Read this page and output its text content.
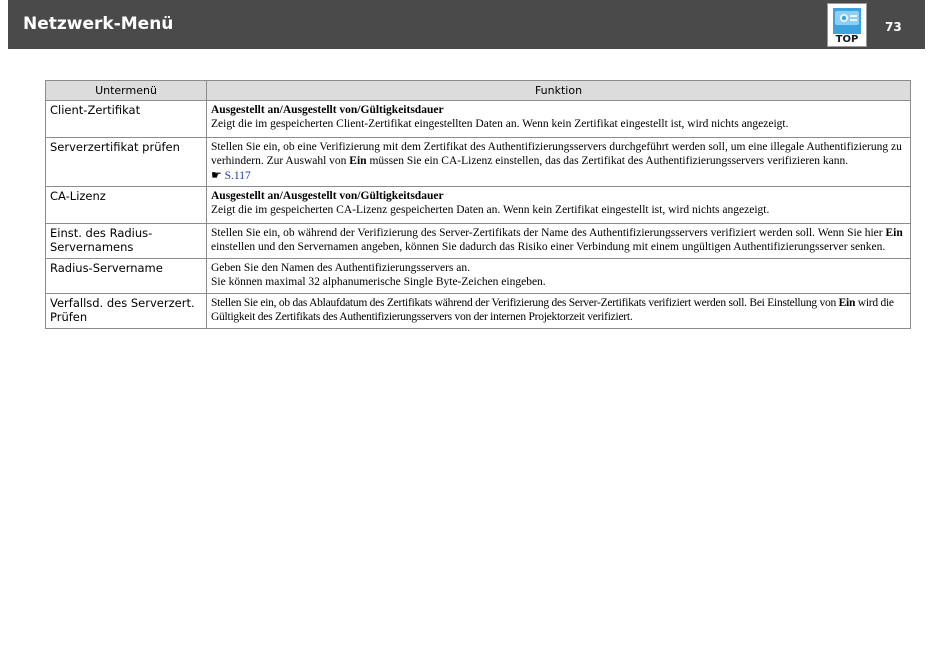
Netzwerk-Menü
TOP
73
Untermenü	Funktion
Client-Zertifikat	Ausgestellt an/Ausgestellt von/Gültigkeitsdauer
Zeigt die im gespeicherten Client-Zertifikat eingestellten Daten an. Wenn kein Zertifikat eingestellt ist, wird nichts angezeigt.

Serverzertifikat prüfen	Stellen Sie ein, ob eine Verifizierung mit dem Zertifikat des Authentifizierungsservers durchgeführt werden soll, um eine illegale Authentifizierung zu verhindern. Zur Auswahl von Ein müssen Sie ein CA-Lizenz einstellen, das das Zertifikat des Authentifizierungsservers verifizieren kann.
☛ S.117

CA-Lizenz	Ausgestellt an/Ausgestellt von/Gültigkeitsdauer
Zeigt die im gespeicherten CA-Lizenz gespeicherten Daten an. Wenn kein Zertifikat eingestellt ist, wird nichts angezeigt.

Einst. des Radius-Servernamens	Stellen Sie ein, ob während der Verifizierung des Server-Zertifikats der Name des Authentifizierungsservers verifiziert werden soll. Wenn Sie hier Ein einstellen und den Servernamen angeben, können Sie dadurch das Risiko einer Verbindung mit einem ungültigen Authentifizierungsserver senken.

Radius-Servername	Geben Sie den Namen des Authentifizierungsservers an.
Sie können maximal 32 alphanumerische Single Byte-Zeichen eingeben.

Verfallsd. des Serverzert. Prüfen	Stellen Sie ein, ob das Ablaufdatum des Zertifikats während der Verifizierung des Server-Zertifikats verifiziert werden soll. Bei Einstellung von Ein wird die Gültigkeit des Zertifikats des Authentifizierungsservers von der internen Projektorzeit verifiziert.
